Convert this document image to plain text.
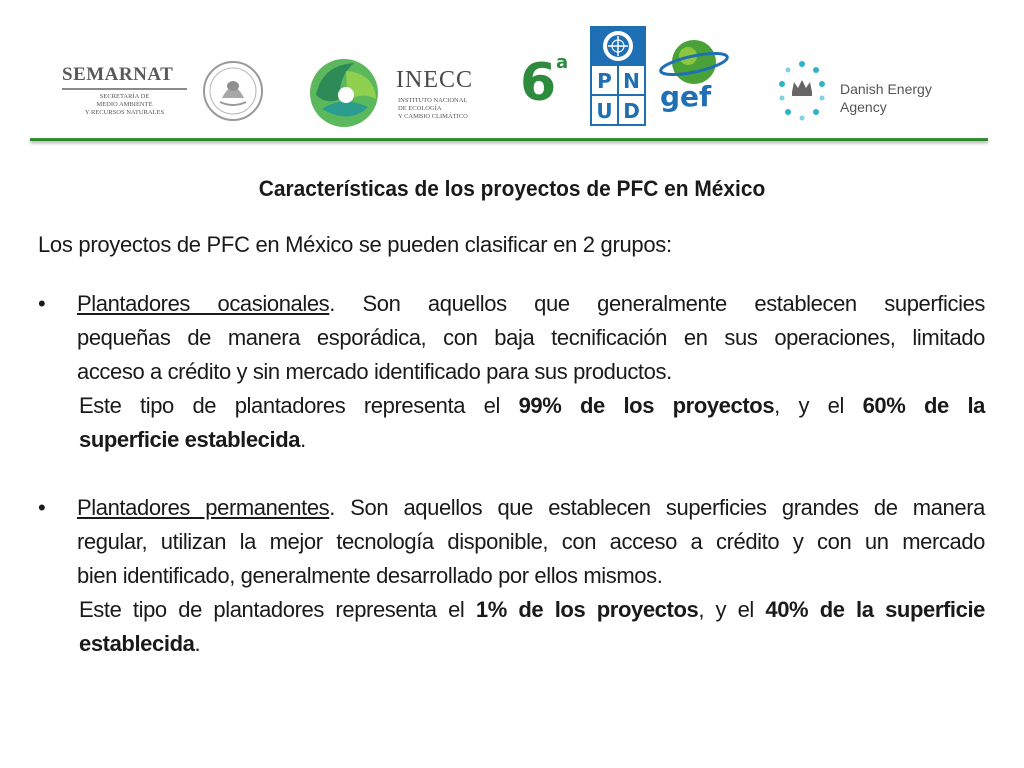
SEMARNAT
SECRETARÍA DE
MEDIO AMBIENTE
Y RECURSOS NATURALES
INECC
INSTITUTO NACIONAL
DE ECOLOGÍA
Y CAMBIO CLIMÁTICO
6 a
P N
U D gef	Danish Energy
Agency
Características de los proyectos de PFC en México
Los proyectos de PFC en México se pueden clasificar en 2 grupos:
• Plantadores ocasionales. Son aquellos que generalmente establecen superficies
pequeñas de manera esporádica, con baja tecnificación en sus operaciones, limitado
acceso a crédito y sin mercado identificado para sus productos.
Este tipo de plantadores representa el 99% de los proyectos, y el 60% de la
superficie establecida.
• Plantadores permanentes. Son aquellos que establecen superficies grandes de manera
regular, utilizan la mejor tecnología disponible, con acceso a crédito y con un mercado
bien identificado, generalmente desarrollado por ellos mismos.
Este tipo de plantadores representa el 1% de los proyectos, y el 40% de la superficie
establecida.
